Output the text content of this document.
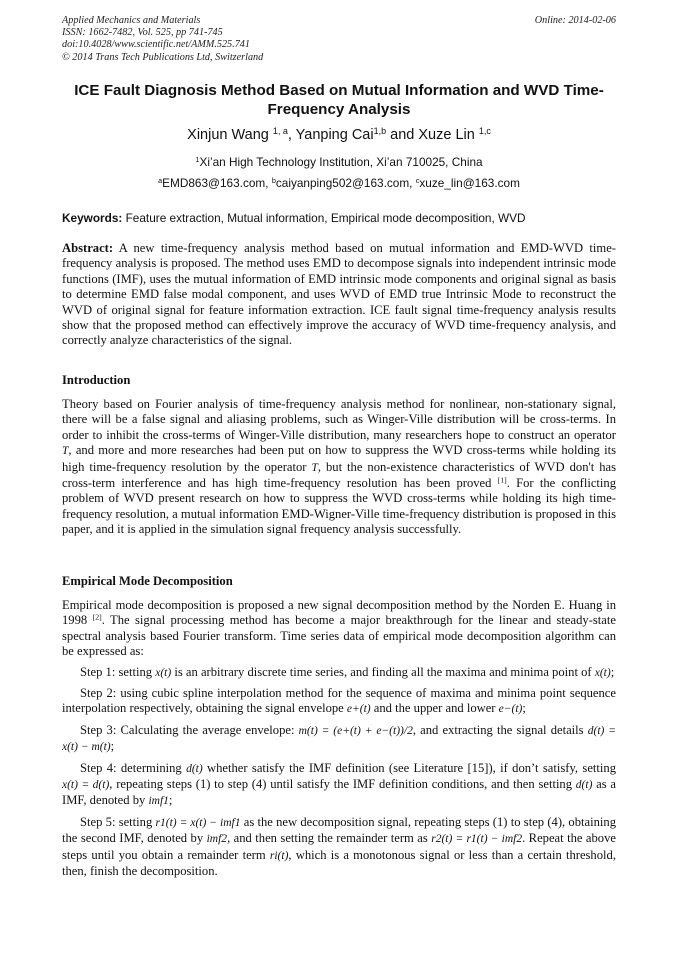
Applied Mechanics and Materials
ISSN: 1662-7482, Vol. 525, pp 741-745
doi:10.4028/www.scientific.net/AMM.525.741
© 2014 Trans Tech Publications Ltd, Switzerland
Online: 2014-02-06
ICE Fault Diagnosis Method Based on Mutual Information and WVD Time-Frequency Analysis
Xinjun Wang $^{1, a}$, Yanping Cai$^{1,b}$ and Xuze Lin $^{1,c}$
$^1$Xi’an High Technology Institution, Xi’an 710025, China
$^a$EMD863@163.com, $^b$caiyanping502@163.com, $^c$xuze_lin@163.com
Keywords: Feature extraction, Mutual information, Empirical mode decomposition, WVD

Abstract: A new time-frequency analysis method based on mutual information and EMD-WVD time-frequency analysis is proposed. The method uses EMD to decompose signals into independent intrinsic mode functions (IMF), uses the mutual information of EMD intrinsic mode components and original signal as basis to determine EMD false modal component, and uses WVD of EMD true Intrinsic Mode to reconstruct the WVD of original signal for feature information extraction. ICE fault signal time-frequency analysis results show that the proposed method can effectively improve the accuracy of WVD time-frequency analysis, and correctly analyze characteristics of the signal.

Introduction

Theory based on Fourier analysis of time-frequency analysis method for nonlinear, non-stationary signal, there will be a false signal and aliasing problems, such as Winger-Ville distribution will be cross-terms. In order to inhibit the cross-terms of Winger-Ville distribution, many researchers hope to construct an operator T, and more and more researches had been put on how to suppress the WVD cross-terms while holding its high time-frequency resolution by the operator T, but the non-existence characteristics of WVD don't has cross-term interference and has high time-frequency resolution has been proved [1]. For the conflicting problem of WVD present research on how to suppress the WVD cross-terms while holding its high time-frequency resolution, a mutual information EMD-Wigner-Ville time-frequency distribution is proposed in this paper, and it is applied in the simulation signal frequency analysis successfully.

Empirical Mode Decomposition

Empirical mode decomposition is proposed a new signal decomposition method by the Norden E. Huang in 1998 [2]. The signal processing method has become a major breakthrough for the linear and steady-state spectral analysis based Fourier transform. Time series data of empirical mode decomposition algorithm can be expressed as:

Step 1: setting x(t) is an arbitrary discrete time series, and finding all the maxima and minima point of x(t);

Step 2: using cubic spline interpolation method for the sequence of maxima and minima point sequence interpolation respectively, obtaining the signal envelope e+(t) and the upper and lower e−(t);

Step 3: Calculating the average envelope: m(t) = (e+(t) + e−(t))/2, and extracting the signal details d(t) = x(t) − m(t);

Step 4: determining d(t) whether satisfy the IMF definition (see Literature [15]), if don’t satisfy, setting x(t) = d(t), repeating steps (1) to step (4) until satisfy the IMF definition conditions, and then setting d(t) as a IMF, denoted by imf1;

Step 5: setting r1(t) = x(t) − imf1 as the new decomposition signal, repeating steps (1) to step (4), obtaining the second IMF, denoted by imf2, and then setting the remainder term as r2(t) = r1(t) − imf2. Repeat the above steps until you obtain a remainder term ri(t), which is a monotonous signal or less than a certain threshold, then, finish the decomposition.
